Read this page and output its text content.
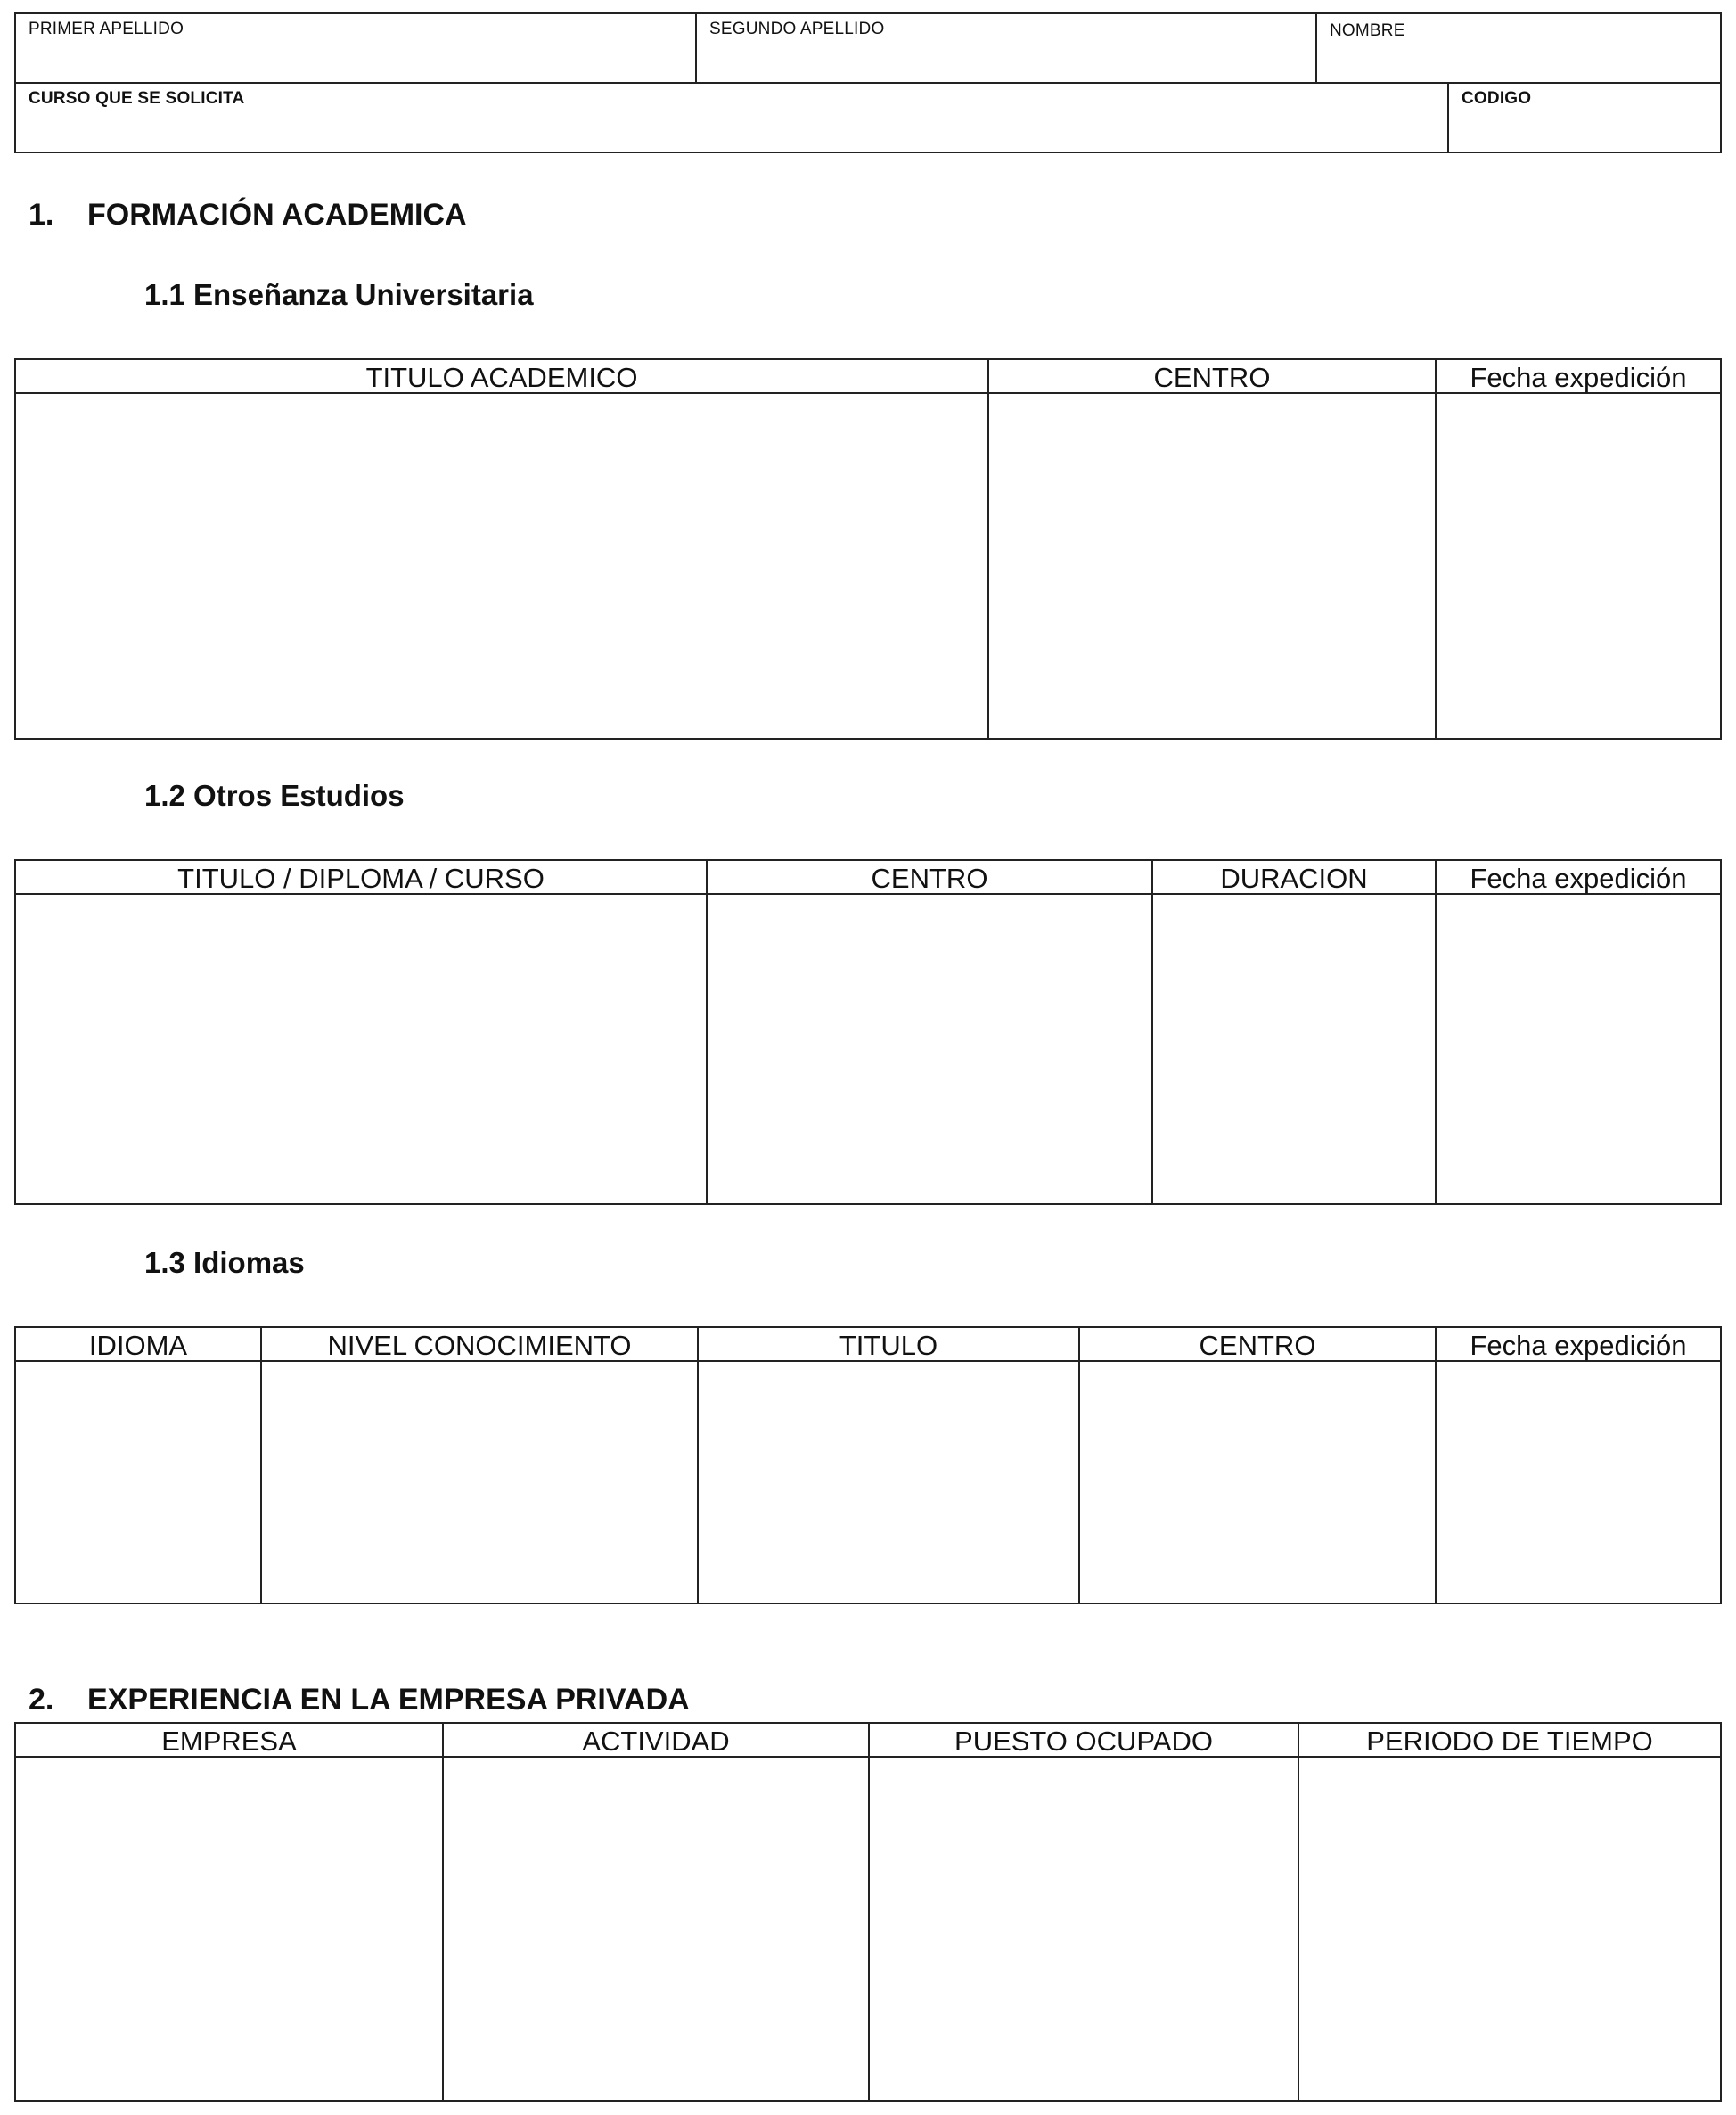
PRIMER APELLIDO	SEGUNDO APELLIDO	NOMBRE
CURSO QUE SE SOLICITA	CODIGO
1. FORMACIÓN ACADEMICA
1.1 Enseñanza Universitaria
TITULO ACADEMICO	CENTRO	Fecha expedición
1.2 Otros Estudios
TITULO / DIPLOMA / CURSO	CENTRO	DURACION	Fecha expedición
1.3 Idiomas
IDIOMA	NIVEL CONOCIMIENTO	TITULO	CENTRO	Fecha expedición
2. EXPERIENCIA EN LA EMPRESA PRIVADA
EMPRESA	ACTIVIDAD	PUESTO OCUPADO	PERIODO DE TIEMPO
